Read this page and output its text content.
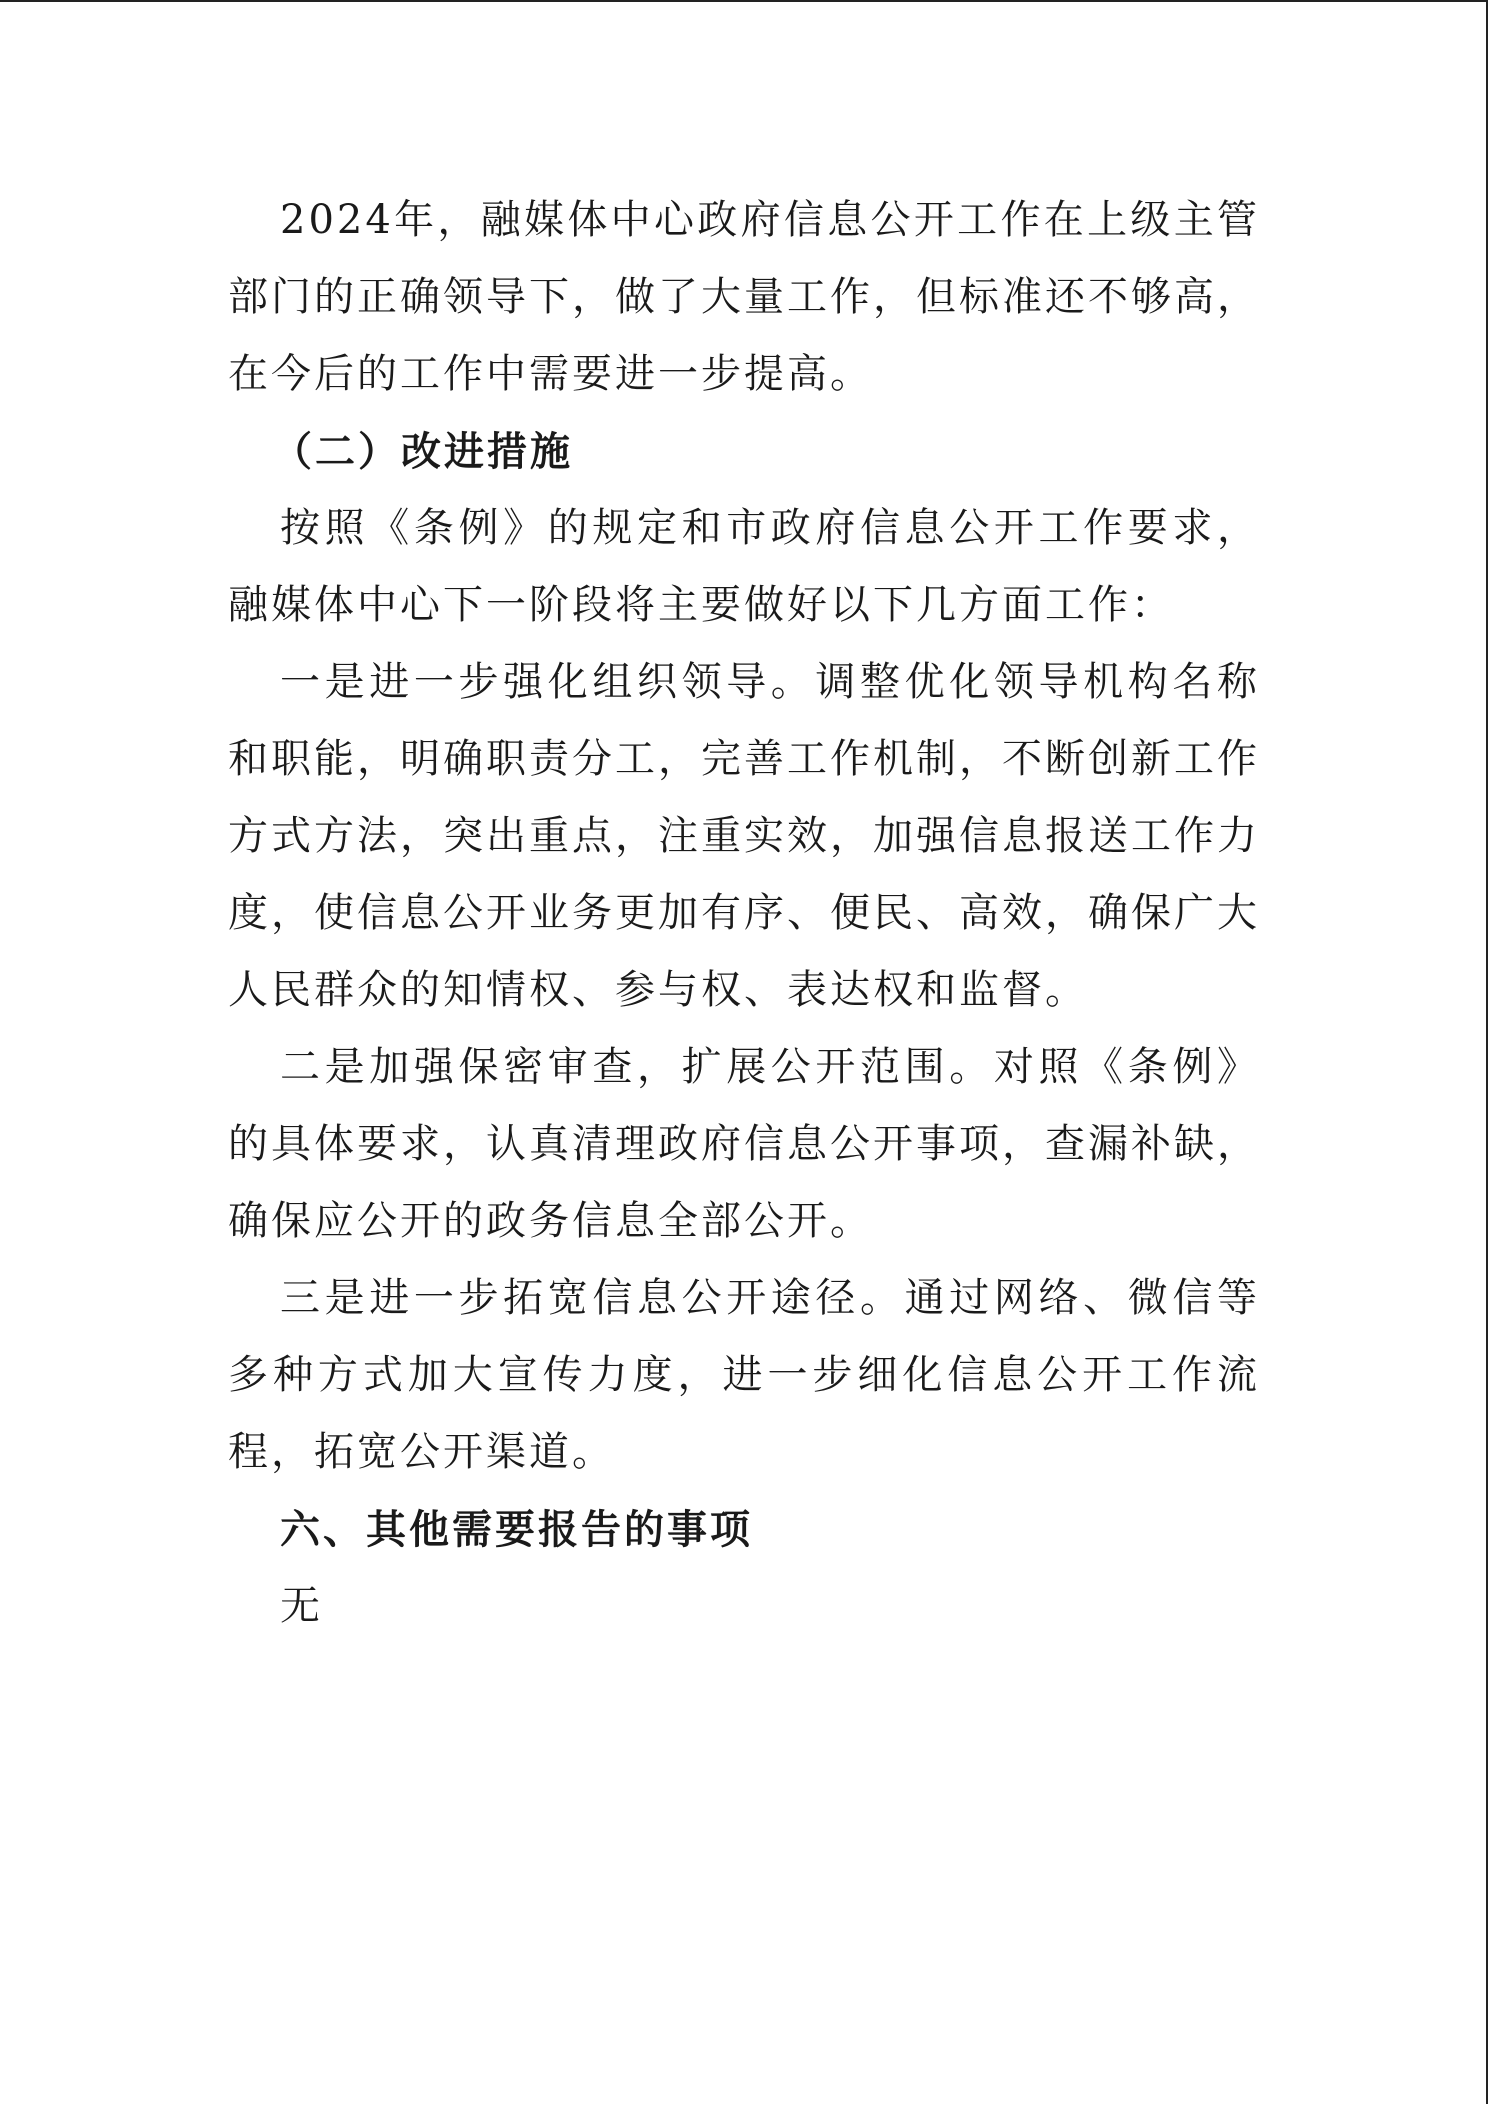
2024年，融媒体中心政府信息公开工作在上级主管部门的正确领导下，做了大量工作，但标准还不够高，在今后的工作中需要进一步提高。

（二）改进措施

按照《条例》的规定和市政府信息公开工作要求，融媒体中心下一阶段将主要做好以下几方面工作：

一是进一步强化组织领导。调整优化领导机构名称和职能，明确职责分工，完善工作机制，不断创新工作方式方法，突出重点，注重实效，加强信息报送工作力度，使信息公开业务更加有序、便民、高效，确保广大人民群众的知情权、参与权、表达权和监督。

二是加强保密审查，扩展公开范围。对照《条例》的具体要求，认真清理政府信息公开事项，查漏补缺，确保应公开的政务信息全部公开。

三是进一步拓宽信息公开途径。通过网络、微信等多种方式加大宣传力度，进一步细化信息公开工作流程，拓宽公开渠道。

六、其他需要报告的事项

无
